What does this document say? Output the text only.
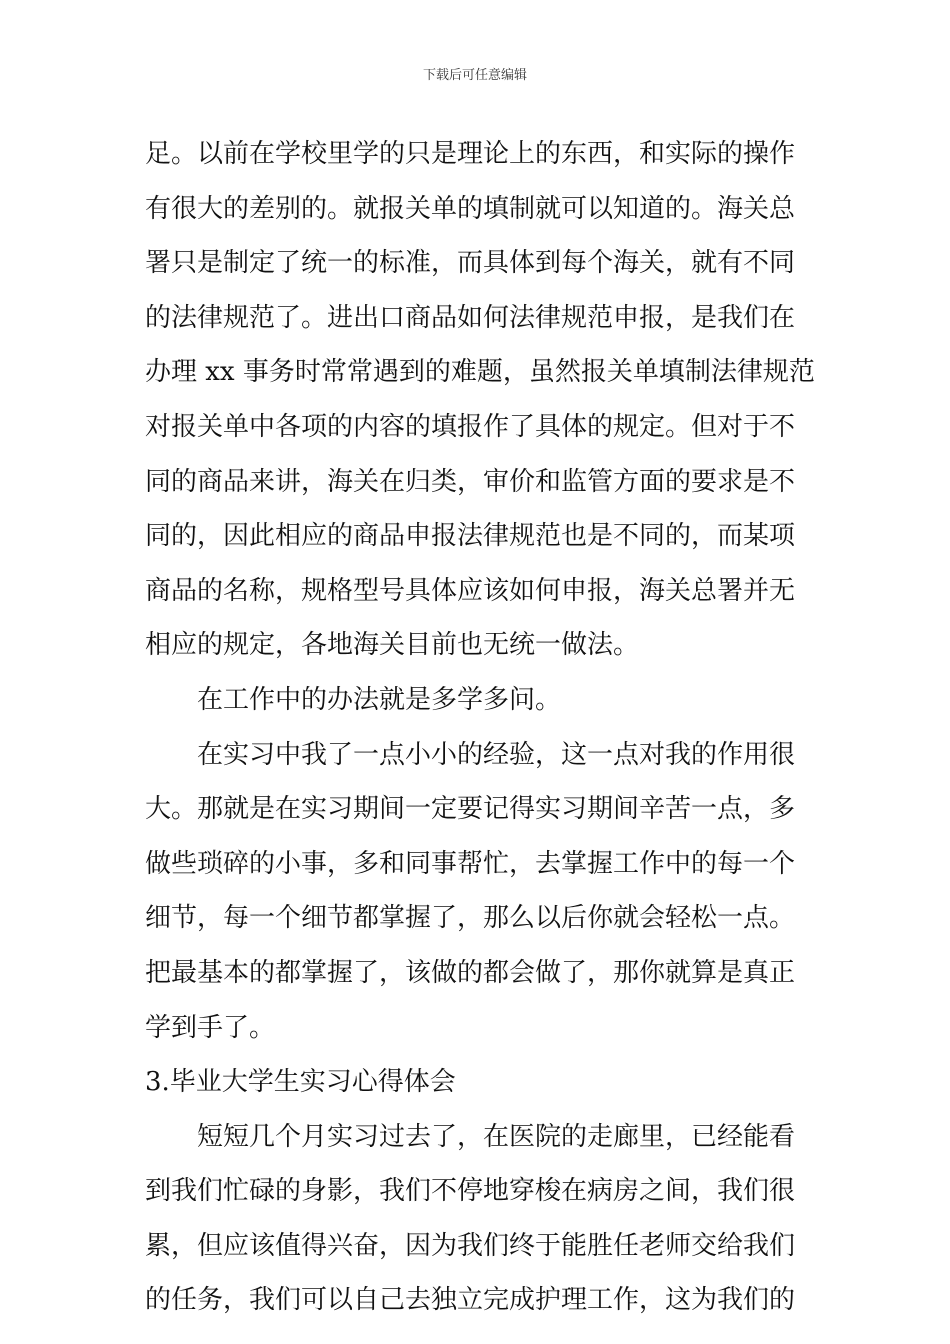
下载后可任意编辑
足。以前在学校里学的只是理论上的东西，和实际的操作
有很大的差别的。就报关单的填制就可以知道的。海关总
署只是制定了统一的标准，而具体到每个海关，就有不同
的法律规范了。进出口商品如何法律规范申报，是我们在
办理 xx 事务时常常遇到的难题，虽然报关单填制法律规范
对报关单中各项的内容的填报作了具体的规定。但对于不
同的商品来讲，海关在归类，审价和监管方面的要求是不
同的，因此相应的商品申报法律规范也是不同的，而某项
商品的名称，规格型号具体应该如何申报，海关总署并无
相应的规定，各地海关目前也无统一做法。
在工作中的办法就是多学多问。
在实习中我了一点小小的经验，这一点对我的作用很
大。那就是在实习期间一定要记得实习期间辛苦一点，多
做些琐碎的小事，多和同事帮忙，去掌握工作中的每一个
细节，每一个细节都掌握了，那么以后你就会轻松一点。
把最基本的都掌握了，该做的都会做了，那你就算是真正
学到手了。
3.毕业大学生实习心得体会
短短几个月实习过去了，在医院的走廊里，已经能看
到我们忙碌的身影，我们不停地穿梭在病房之间，我们很
累，但应该值得兴奋，因为我们终于能胜任老师交给我们
的任务，我们可以自己去独立完成护理工作，这为我们的
